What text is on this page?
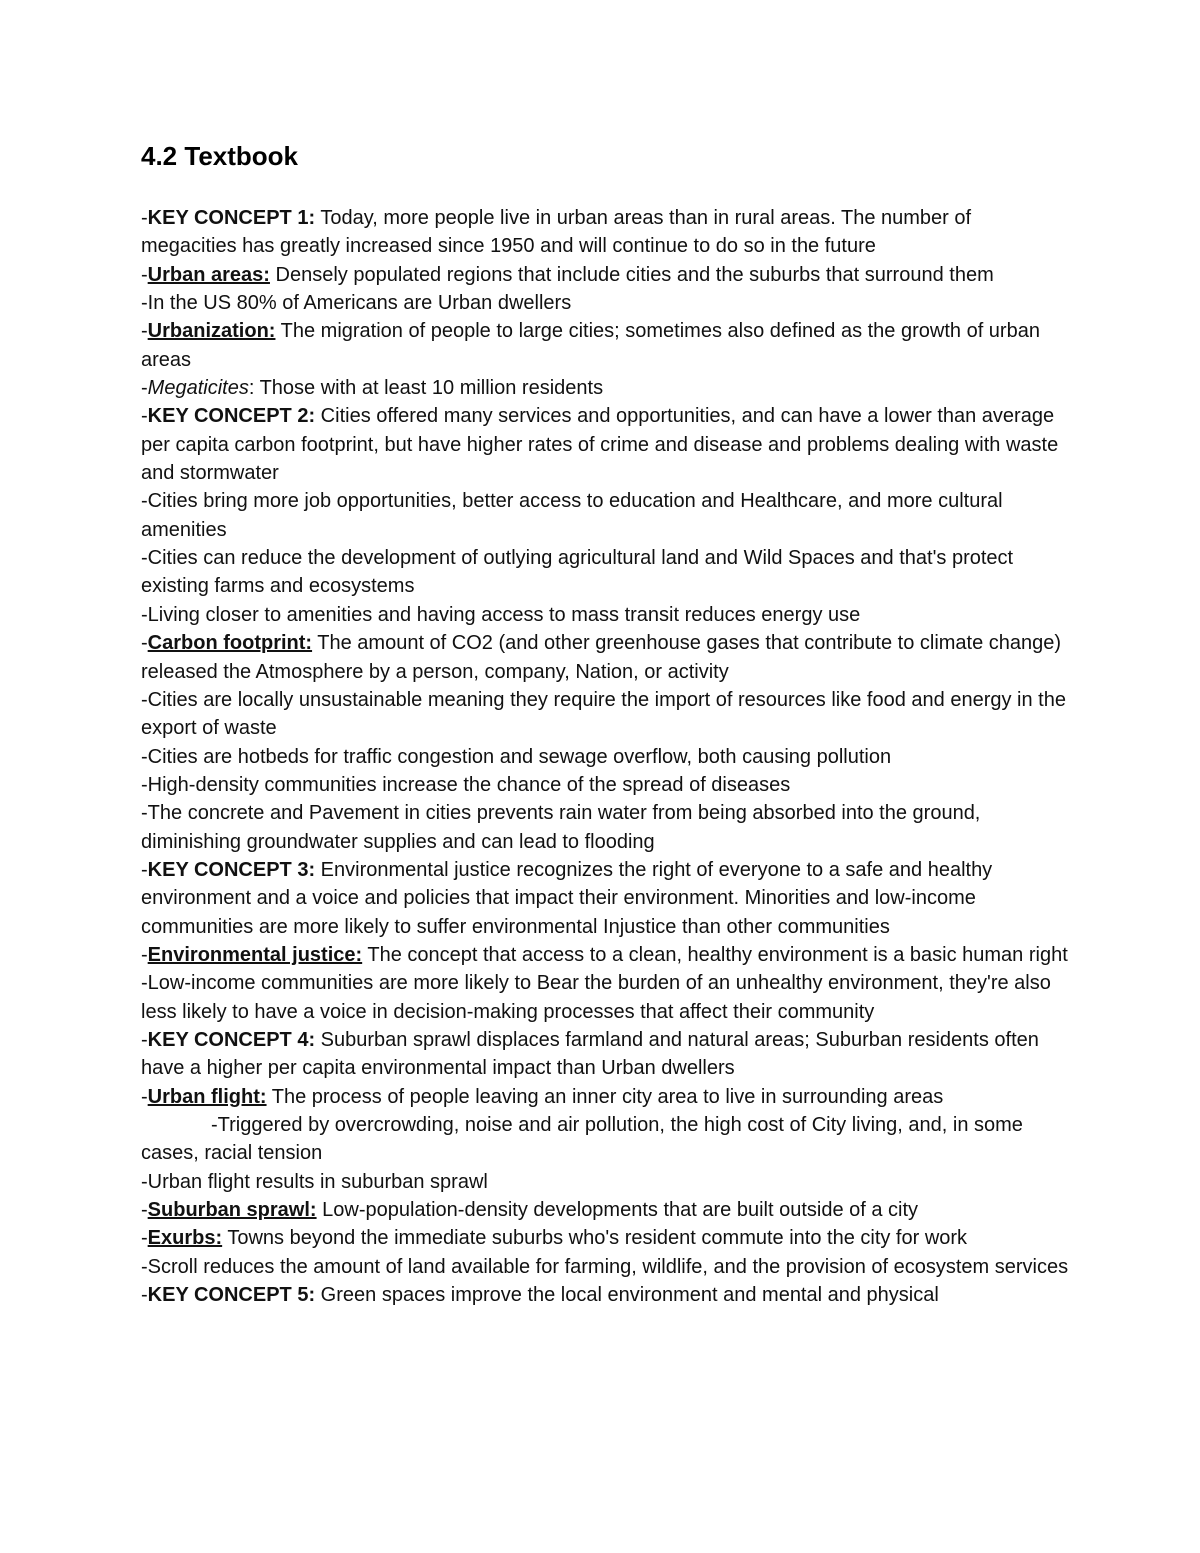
4.2 Textbook

-KEY CONCEPT 1: Today, more people live in urban areas than in rural areas. The number of megacities has greatly increased since 1950 and will continue to do so in the future

-Urban areas: Densely populated regions that include cities and the suburbs that surround them

-In the US 80% of Americans are Urban dwellers

-Urbanization: The migration of people to large cities; sometimes also defined as the growth of urban areas

-Megaticites: Those with at least 10 million residents

-KEY CONCEPT 2: Cities offered many services and opportunities, and can have a lower than average per capita carbon footprint, but have higher rates of crime and disease and problems dealing with waste and stormwater

-Cities bring more job opportunities, better access to education and Healthcare, and more cultural amenities

-Cities can reduce the development of outlying agricultural land and Wild Spaces and that's protect existing farms and ecosystems

-Living closer to amenities and having access to mass transit reduces energy use

-Carbon footprint: The amount of CO2 (and other greenhouse gases that contribute to climate change) released the Atmosphere by a person, company, Nation, or activity

-Cities are locally unsustainable meaning they require the import of resources like food and energy in the export of waste

-Cities are hotbeds for traffic congestion and sewage overflow, both causing pollution

-High-density communities increase the chance of the spread of diseases

-The concrete and Pavement in cities prevents rain water from being absorbed into the ground, diminishing groundwater supplies and can lead to flooding

-KEY CONCEPT 3: Environmental justice recognizes the right of everyone to a safe and healthy environment and a voice and policies that impact their environment. Minorities and low-income communities are more likely to suffer environmental Injustice than other communities

-Environmental justice: The concept that access to a clean, healthy environment is a basic human right

-Low-income communities are more likely to Bear the burden of an unhealthy environment, they're also less likely to have a voice in decision-making processes that affect their community

-KEY CONCEPT 4: Suburban sprawl displaces farmland and natural areas; Suburban residents often have a higher per capita environmental impact than Urban dwellers

-Urban flight: The process of people leaving an inner city area to live in surrounding areas

-Triggered by overcrowding, noise and air pollution, the high cost of City living, and, in some cases, racial tension

-Urban flight results in suburban sprawl

-Suburban sprawl: Low-population-density developments that are built outside of a city

-Exurbs: Towns beyond the immediate suburbs who's resident commute into the city for work

-Scroll reduces the amount of land available for farming, wildlife, and the provision of ecosystem services

-KEY CONCEPT 5: Green spaces improve the local environment and mental and physical
